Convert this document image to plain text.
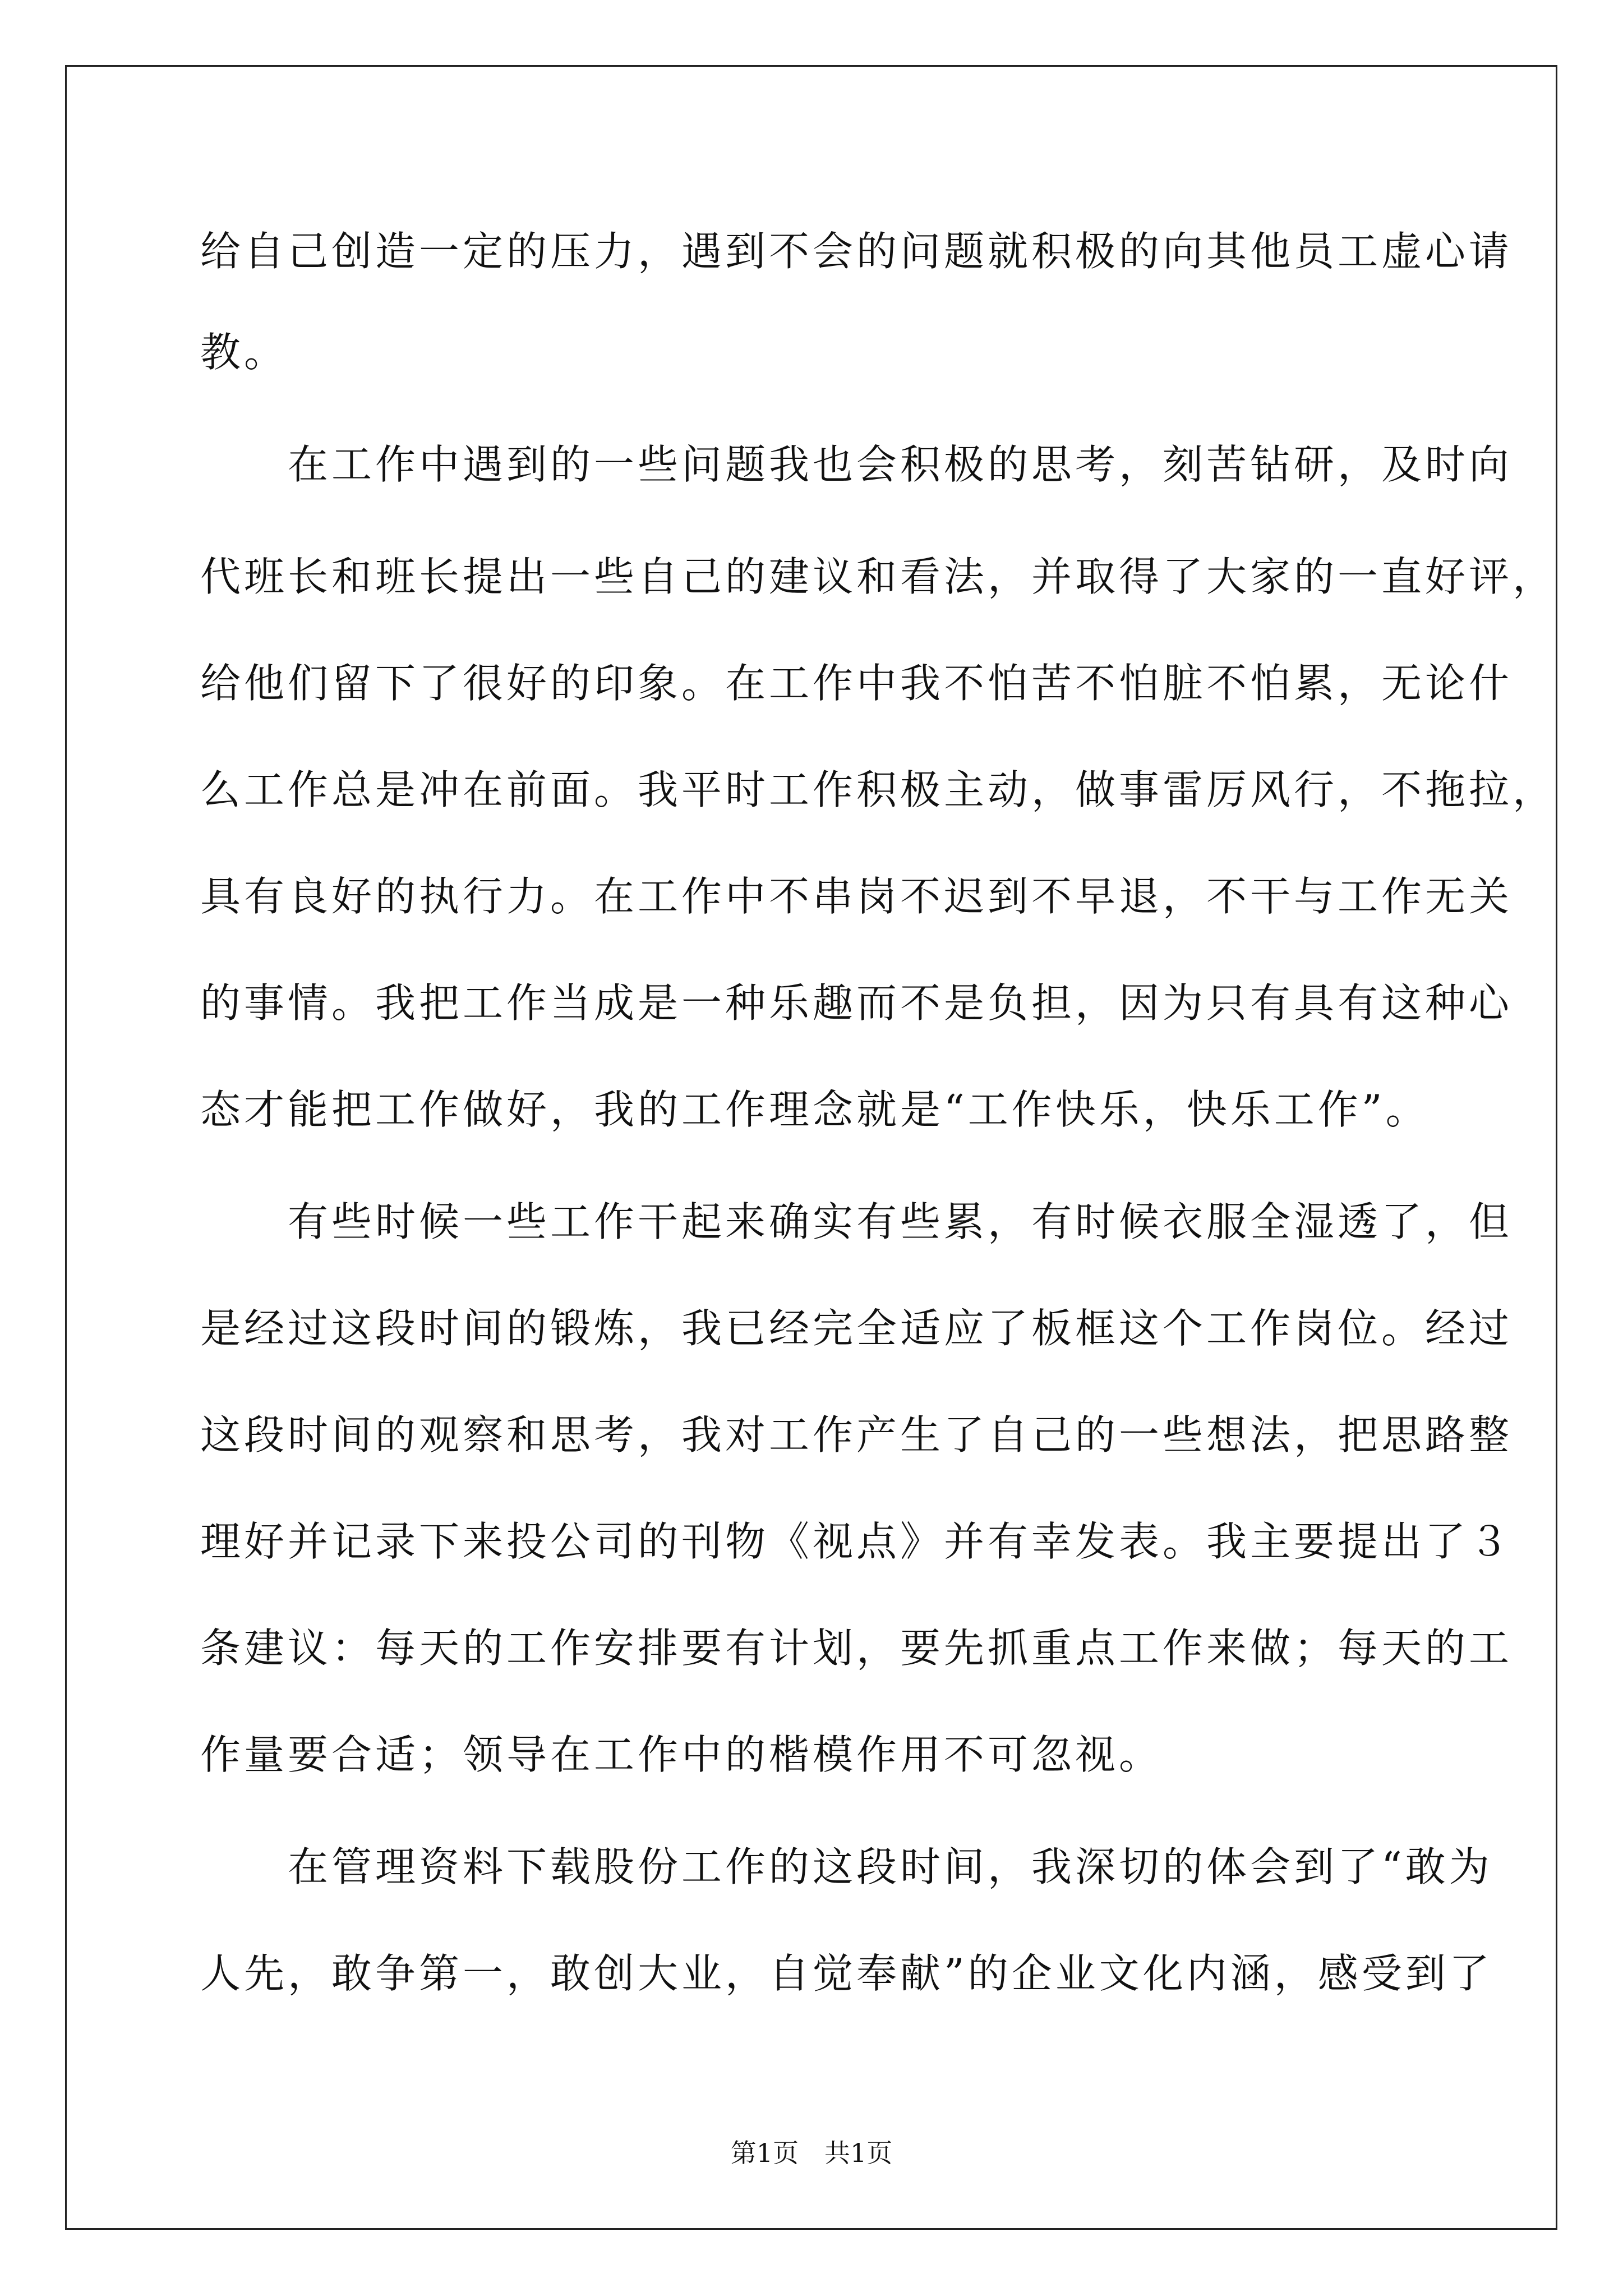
给自己创造一定的压力，遇到不会的问题就积极的向其他员工虚心请
教。
　　在工作中遇到的一些问题我也会积极的思考，刻苦钻研，及时向
代班长和班长提出一些自己的建议和看法，并取得了大家的一直好评，
给他们留下了很好的印象。在工作中我不怕苦不怕脏不怕累，无论什
么工作总是冲在前面。我平时工作积极主动，做事雷厉风行，不拖拉，
具有良好的执行力。在工作中不串岗不迟到不早退，不干与工作无关
的事情。我把工作当成是一种乐趣而不是负担，因为只有具有这种心
态才能把工作做好，我的工作理念就是“工作快乐，快乐工作”。
　　有些时候一些工作干起来确实有些累，有时候衣服全湿透了，但
是经过这段时间的锻炼，我已经完全适应了板框这个工作岗位。经过
这段时间的观察和思考，我对工作产生了自己的一些想法，把思路整
理好并记录下来投公司的刊物《视点》并有幸发表。我主要提出了３
条建议：每天的工作安排要有计划，要先抓重点工作来做；每天的工
作量要合适；领导在工作中的楷模作用不可忽视。
　　在管理资料下载股份工作的这段时间，我深切的体会到了“敢为
人先，敢争第一，敢创大业，自觉奉献”的企业文化内涵，感受到了
第1页　共1页
